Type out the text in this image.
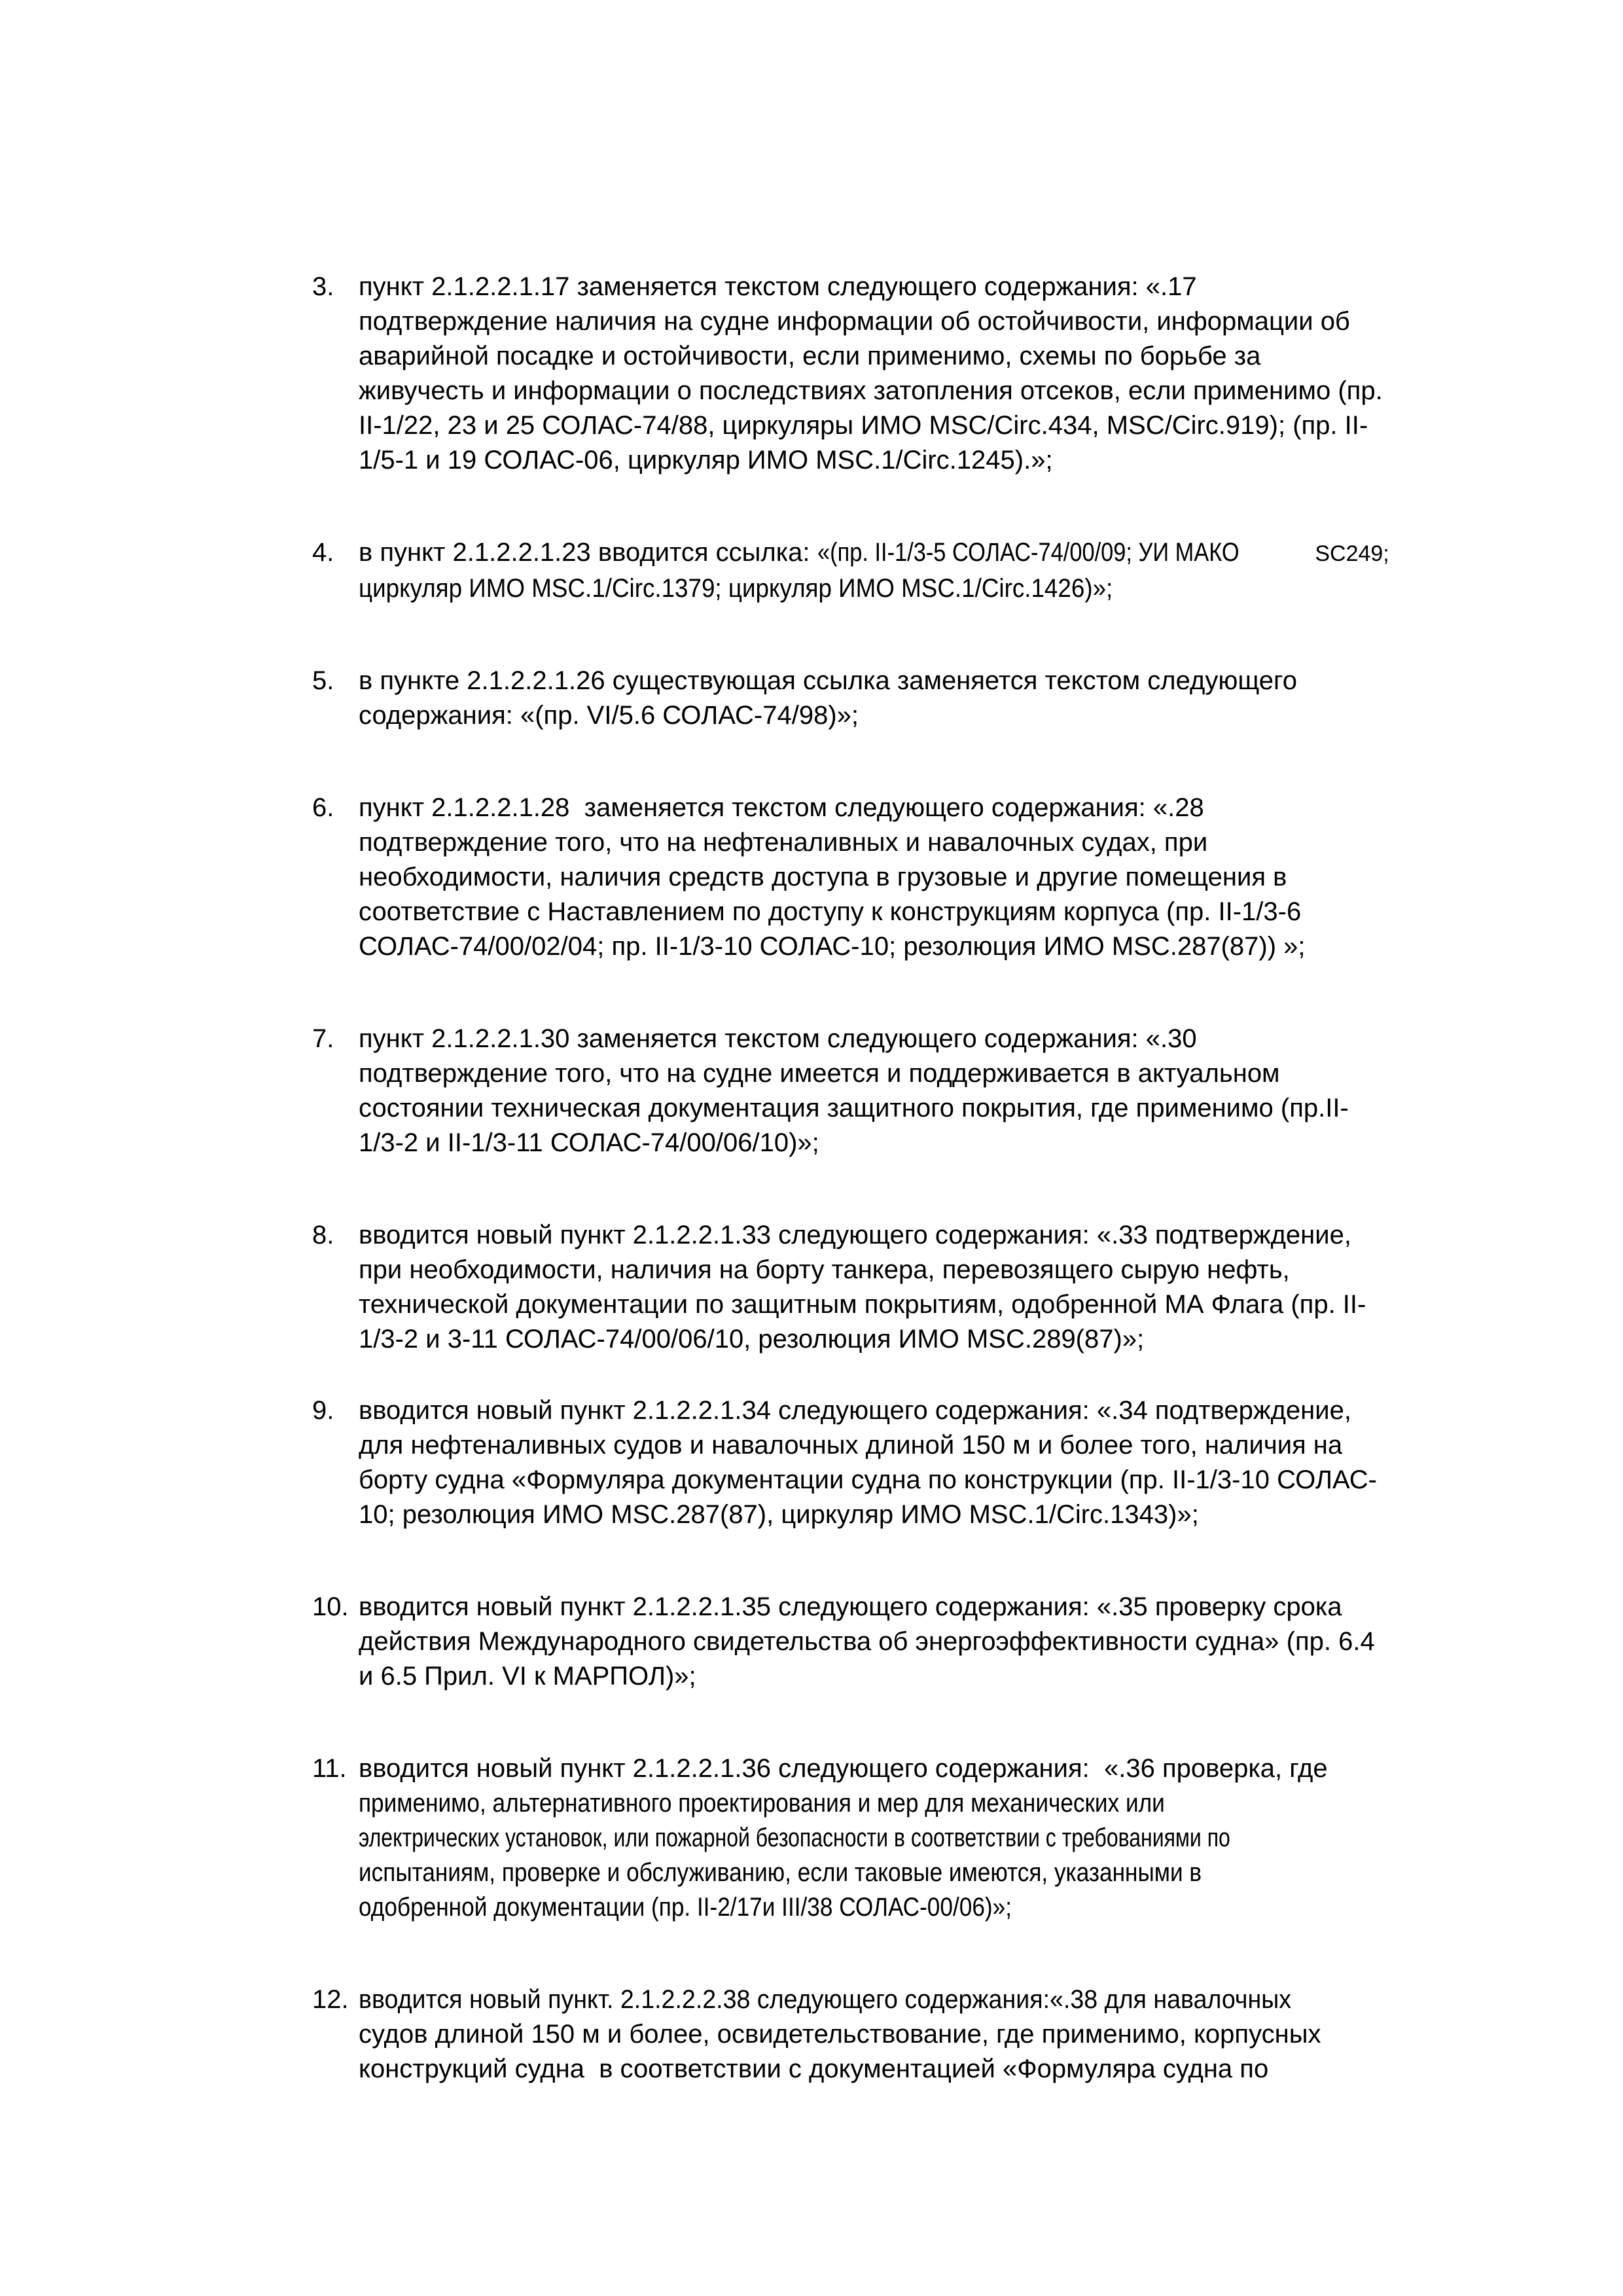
3. пункт 2.1.2.2.1.17 заменяется текстом следующего содержания: «.17
подтверждение наличия на судне информации об остойчивости, информации об
аварийной посадке и остойчивости, если применимо, схемы по борьбе за
живучесть и информации о последствиях затопления отсеков, если применимо (пр.
II-1/22, 23 и 25 СОЛАС-74/88, циркуляры ИМО MSC/Circ.434, MSC/Circ.919); (пр. II-
1/5-1 и 19 СОЛАС-06, циркуляр ИМО MSC.1/Circ.1245).»;
4. в пункт 2.1.2.2.1.23 вводится ссылка: «(пр. II-1/3-5 СОЛАС-74/00/09; УИ МАКО	SC249;
циркуляр ИМО MSC.1/Circ.1379; циркуляр ИМО MSC.1/Circ.1426)»;
5. в пункте 2.1.2.2.1.26 существующая ссылка заменяется текстом следующего
содержания: «(пр. VI/5.6 СОЛАС-74/98)»;
6. пункт 2.1.2.2.1.28  заменяется текстом следующего содержания: «.28
подтверждение того, что на нефтеналивных и навалочных судах, при
необходимости, наличия средств доступа в грузовые и другие помещения в
соответствие с Наставлением по доступу к конструкциям корпуса (пр. II-1/3-6
СОЛАС-74/00/02/04; пр. II-1/3-10 СОЛАС-10; резолюция ИМО MSC.287(87)) »;
7. пункт 2.1.2.2.1.30 заменяется текстом следующего содержания: «.30
подтверждение того, что на судне имеется и поддерживается в актуальном
состоянии техническая документация защитного покрытия, где применимо (пр.II-
1/3-2 и II-1/3-11 СОЛАС-74/00/06/10)»;
8. вводится новый пункт 2.1.2.2.1.33 следующего содержания: «.33 подтверждение,
при необходимости, наличия на борту танкера, перевозящего сырую нефть,
технической документации по защитным покрытиям, одобренной МА Флага (пр. II-
1/3-2 и 3-11 СОЛАС-74/00/06/10, резолюция ИМО MSC.289(87)»;
9. вводится новый пункт 2.1.2.2.1.34 следующего содержания: «.34 подтверждение,
для нефтеналивных судов и навалочных длиной 150 м и более того, наличия на
борту судна «Формуляра документации судна по конструкции (пр. II-1/3-10 СОЛАС-
10; резолюция ИМО MSC.287(87), циркуляр ИМО MSC.1/Circ.1343)»;
10. вводится новый пункт 2.1.2.2.1.35 следующего содержания: «.35 проверку срока
действия Международного свидетельства об энергоэффективности судна» (пр. 6.4
и 6.5 Прил. VI к МАРПОЛ)»;
11. вводится новый пункт 2.1.2.2.1.36 следующего содержания:  «.36 проверка, где
применимо, альтернативного проектирования и мер для механических или
электрических установок, или пожарной безопасности в соответствии с требованиями по
испытаниям, проверке и обслуживанию, если таковые имеются, указанными в
одобренной документации (пр. II-2/17и III/38 СОЛАС-00/06)»;
12. вводится новый пункт. 2.1.2.2.2.38 следующего содержания:«.38 для навалочных
судов длиной 150 м и более, освидетельствование, где применимо, корпусных
конструкций судна  в соответствии с документацией «Формуляра судна по
